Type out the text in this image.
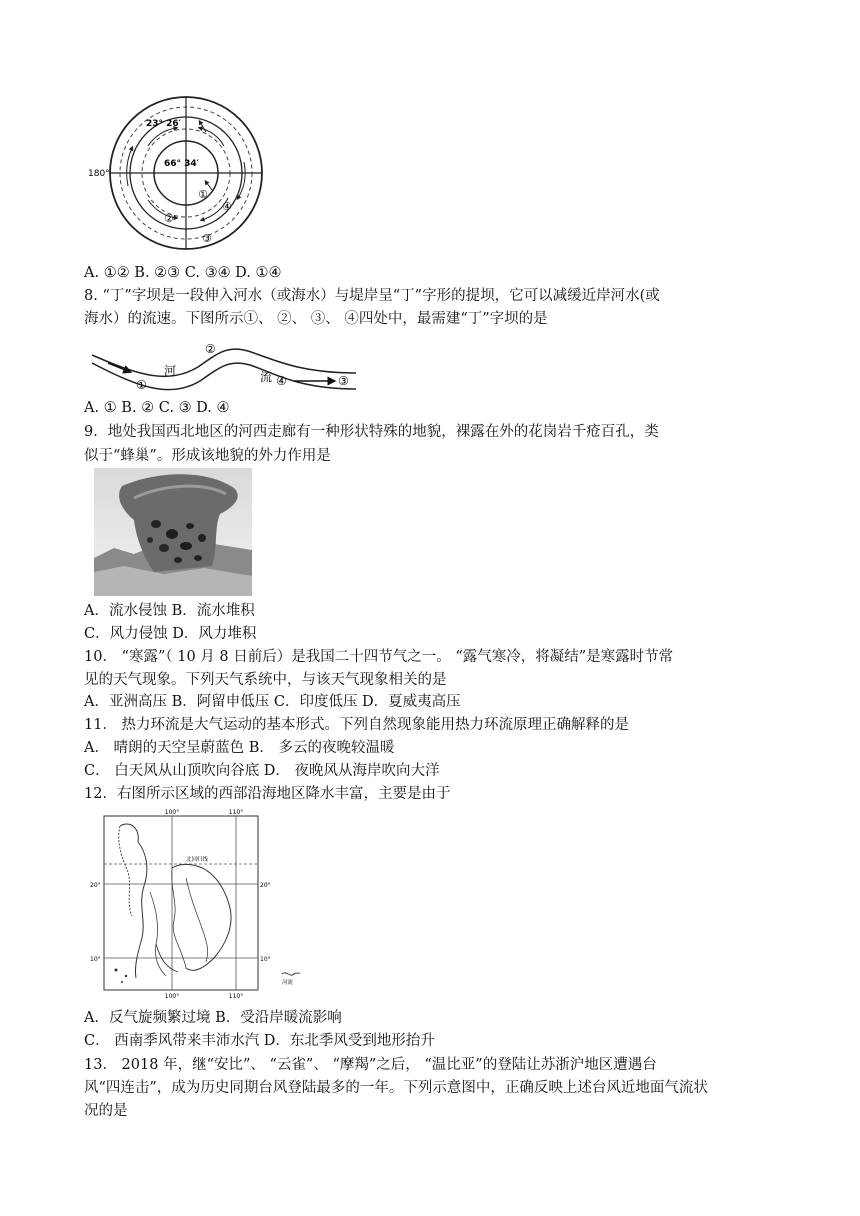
23° 26′
66° 34′
180°
①
②
③
④
A. ①② B. ②③ C. ③④ D. ①④
8. “丁”字坝是一段伸入河水（或海水）与堤岸呈“丁”字形的提坝，它可以减缓近岸河水(或
海水）的流速。下图所示①、 ②、 ③、 ④四处中，最需建“丁”字坝的是
①
②
③
④
河	流
A. ① B. ② C. ③ D. ④
9．地处我国西北地区的河西走廊有一种形状特殊的地貌，裸露在外的花岗岩千疮百孔，类
似于“蜂巢”。形成该地貌的外力作用是
A．流水侵蚀 B．流水堆积
C．风力侵蚀 D．风力堆积
10． “寒露”（ 10 月 8 日前后）是我国二十四节气之一。 “露气寒冷，将凝结”是寒露时节常
见的天气现象。下列天气系统中，与该天气现象相关的是
A．亚洲高压 B．阿留申低压 C．印度低压 D．夏威夷高压
11． 热力环流是大气运动的基本形式。下列自然现象能用热力环流原理正确解释的是
A． 晴朗的天空呈蔚蓝色 B． 多云的夜晚较温暖
C． 白天风从山顶吹向谷底 D． 夜晚风从海岸吹向大洋
12．右图所示区域的西部沿海地区降水丰富，主要是由于
100°	110°
100°	110°
20°	20°
10°	10°
北回归线
河流
A．反气旋频繁过境 B．受沿岸暖流影响
C． 西南季风带来丰沛水汽 D．东北季风受到地形抬升
13． 2018 年，继“安比”、 “云雀”、 “摩羯”之后， “温比亚”的登陆让苏浙沪地区遭遇台
风“四连击”，成为历史同期台风登陆最多的一年。下列示意图中，正确反映上述台风近地面气流状
况的是
